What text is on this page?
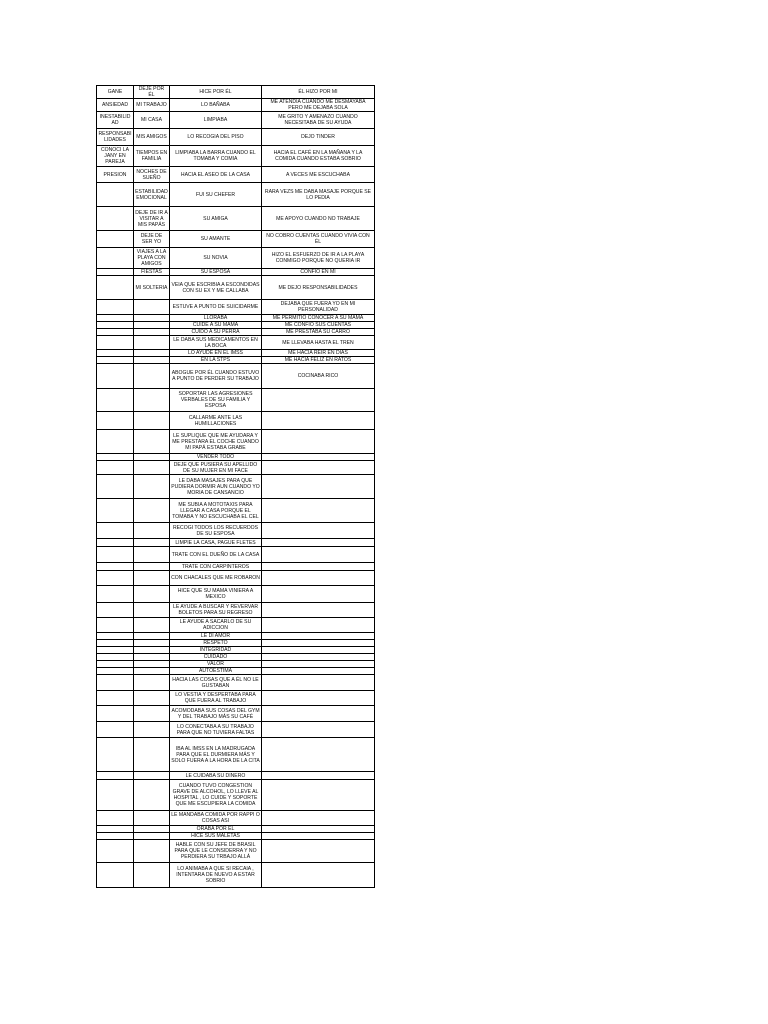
GANE	DEJE POR ÉL	HICE POR ÉL	ÉL HIZO POR MI
ANSIEDAD	MI TRABAJO	LO BAÑABA	ME ATENDIA CUANDO ME DESMAYABA PERO ME DEJABA SOLA
INESTABILIDAD	MI CASA	LIMPIABA	ME GRITO Y AMENAZO CUANDO NECESITABA DE SU AYUDA
RESPONSABILIDADES	MIS AMIGOS	LO RECOGIA DEL PISO	DEJO TINDER
CONOCI LA JANY EN PAREJA	TIEMPOS EN FAMILIA	LIMPIABA LA BARRA CUANDO EL TOMABA Y COMIA	HACIA EL CAFÉ EN LA MAÑANA Y LA COMIDA CUANDO ESTABA SOBRIO
PRESION	NOCHES DE SUEÑO	HACIA EL ASEO DE LA CASA	A VECES ME ESCUCHABA
	ESTABILIDAD EMOCIONAL	FUI SU CHEFER	RARA VEZS ME DABA MASAJE PORQUE SE LO PEDIA
	DEJE DE IR A VISITAR A MIS PAPÁS	SU AMIGA	ME APOYO CUANDO NO TRABAJE
	DEJE DE SER YO	SU AMANTE	NO COBRO CUENTAS CUANDO VIVIA CON ÉL
	VIAJES A LA PLAYA CON AMIGOS	SU NOVIA	HIZO EL ESFUERZO DE IR A LA PLAYA CONMIGO PORQUE NO QUERIA IR
	FIESTAS	SU ESPOSA	CONFIO EN MI
	MI SOLTERIA	VEIA QUE ESCRIBIA A ESCONDIDAS CON SU EX Y ME CALLABA	ME DEJO RESPONSABILIDADES
		ESTUVE A PUNTO DE SUICIDARME	DEJABA QUE FUERA YO EN MI PERSONALIDAD
		LLORABA	ME PERMITIO CONOCER A SU MAMA
		CUIDE A SU MAMA	ME CONFIO SUS CUENTAS
		CUIDO A SU PERRA	ME PRESTABA SU CARRO
		LE DABA SUS MEDICAMENTOS EN LA BOCA	ME LLEVABA HASTA EL TREN
		LO AYUDE EN EL IMSS	ME HACIA REIR EN DIAS
		EN LA STPS	ME HACIA FELIZ EN RATOS
		ABOGUE POR ÉL CUANDO ESTUVO A PUNTO DE PERDER SU TRABAJO	COCINABA RICO
		SOPORTAR LAS AGRESIONES VERBALES DE SU FAMILIA Y ESPOSA	
		CALLARME ANTE LAS HUMILLACIONES	
		LE SUPLIQUE QUE ME AYUDARA Y ME PRESTARA EL COCHE CUANDO MI PAPÁ ESTABA GRABE	
		VENDER TODO	
		DEJE QUE PUSIERA SU APELLIDO DE SU MUJER EN MI FACE	
		LE DABA MASAJES PARA QUE PUDIERA DORMIR AUN CUANDO YO MORIA DE CANSANCIO	
		ME SUBIA A MOTOTAXIS PARA LLEGAR A CASA PORQUE EL TOMABA Y NO ESCUCHABA EL CEL	
		RECOGI TODOS LOS RECUERDOS DE SU ESPOSA	
		LIMPIE LA CASA, PAGUE FLETES	
		TRATE CON EL DUEÑO DE LA CASA	
		TRATE CON CARPINTEROS	
		CON CHACALES QUE ME ROBARON	
		HICE QUE SU MAMA VINIERA A MEXICO	
		LE AYUDE A BUSCAR Y REVERVAR BOLETOS PARA SU REGRESO	
		LE AYUDE A SACARLO DE SU ADICCION	
		LE DI AMOR	
		RESPETO	
		INTEGRIDAD	
		CUIDADO	
		VALOR	
		AUTOESTIMA	
		HACIA LAS COSAS QUE A ÉL NO LE GUSTABAN	
		LO VESTIA Y DESPERTABA PARA QUE FUERA AL TRABAJO	
		ACOMODABA SUS COSAS DEL GYM Y DEL TRABAJO MÁS SU CAFÉ	
		LO CONECTABA A SU TRABAJO PARA QUE NO TUVIERA FALTAS	
		IBA AL IMSS EN LA MADRUGADA PARA QUE EL DURMIERA MÁS Y SOLO FUERA A LA HORA DE LA CITA	
		LE CUIDABA SU DINERO	
		CUANDO TUVO CONGESTION GRAVE DE ALCOHOL, LO LLEVE AL HOSPITAL , LO CUIDE Y SOPORTE QUE ME ESCUPIERA LA COMIDA	
		LE MANDABA COMIDA POR RAPPI O COSAS ASI	
		ORABA POR ÉL	
		HICE SUS MALETAS	
		HABLE CON SU JEFE DE BRASIL PARA QUE LE CONSIDERRA Y NO PERDIERA SU TRBAJO ALLÁ	
		LO ANIMABA A QUE SI RECAIA , INTENTARA DE NUEVO A ESTAR SOBRIO	
